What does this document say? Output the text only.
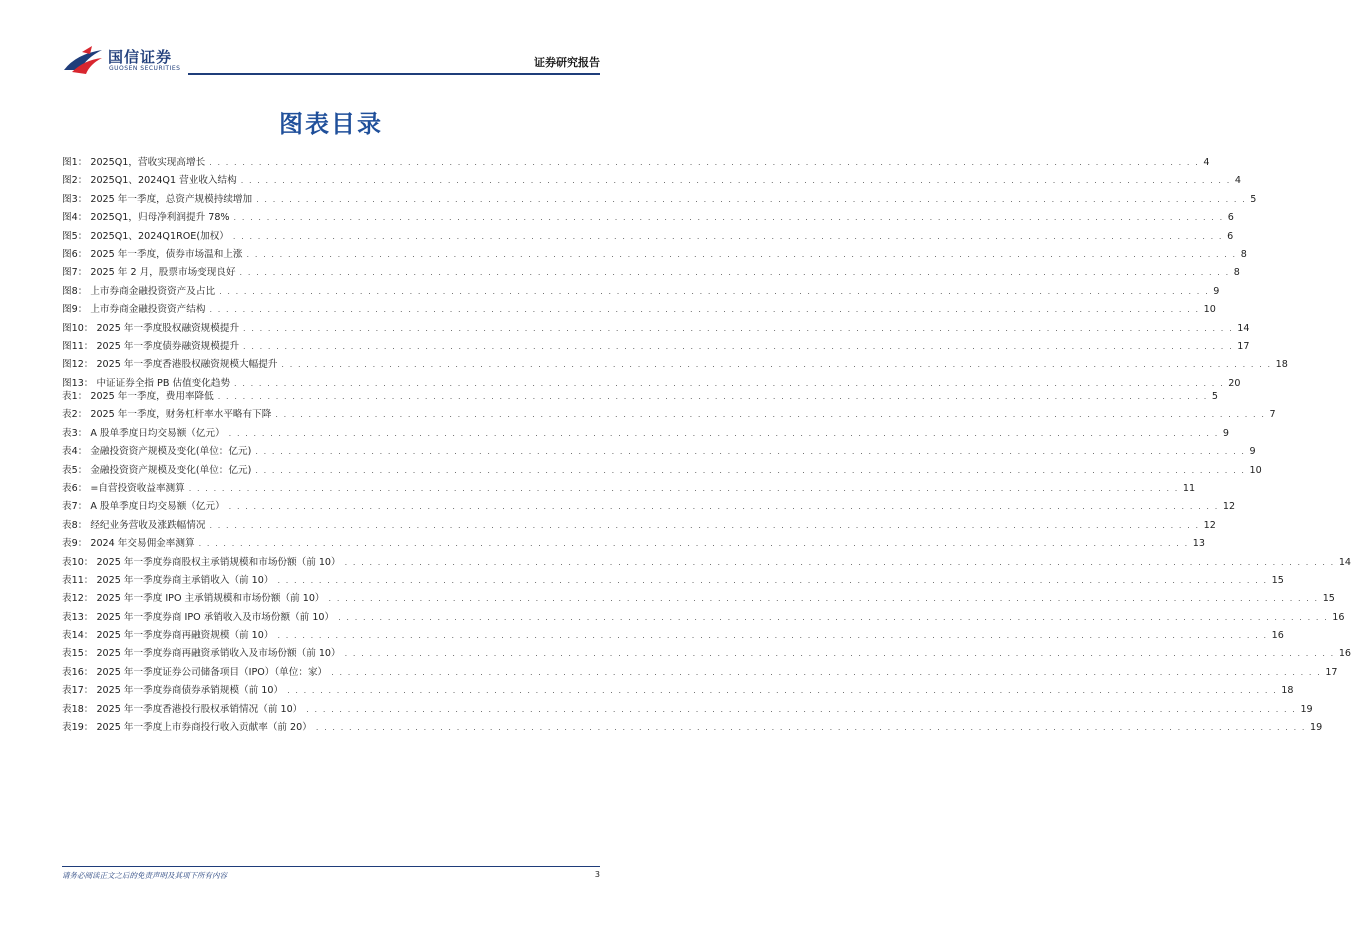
国信证券
GUOSEN SECURITIES	证券研究报告
图表目录
图1： 2025Q1，营收实现高增长 . . . . . . . . . . . . . . . . . . . . . . . . . . . . . . . . . . . . . . . . . . . . . . . . . . . . . . . . . . . . . . . . . . . . . . . . . . . . . . . . . . . . . . . . . . . . . . . . . . . . . . . . . . . . . . . . . . . . . . . . 4
图2： 2025Q1、2024Q1 营业收入结构 . . . . . . . . . . . . . . . . . . . . . . . . . . . . . . . . . . . . . . . . . . . . . . . . . . . . . . . . . . . . . . . . . . . . . . . . . . . . . . . . . . . . . . . . . . . . . . . . . . . . . . . . . . . . . . . . . . . . . . . . 4
图3： 2025 年一季度，总资产规模持续增加 . . . . . . . . . . . . . . . . . . . . . . . . . . . . . . . . . . . . . . . . . . . . . . . . . . . . . . . . . . . . . . . . . . . . . . . . . . . . . . . . . . . . . . . . . . . . . . . . . . . . . . . . . . . . . . . . . . . . . . . . 5
图4： 2025Q1，归母净利润提升 78% . . . . . . . . . . . . . . . . . . . . . . . . . . . . . . . . . . . . . . . . . . . . . . . . . . . . . . . . . . . . . . . . . . . . . . . . . . . . . . . . . . . . . . . . . . . . . . . . . . . . . . . . . . . . . . . . . . . . . . . . 6
图5： 2025Q1、2024Q1ROE(加权） . . . . . . . . . . . . . . . . . . . . . . . . . . . . . . . . . . . . . . . . . . . . . . . . . . . . . . . . . . . . . . . . . . . . . . . . . . . . . . . . . . . . . . . . . . . . . . . . . . . . . . . . . . . . . . . . . . . . . . . . 6
图6： 2025 年一季度，债券市场温和上涨 . . . . . . . . . . . . . . . . . . . . . . . . . . . . . . . . . . . . . . . . . . . . . . . . . . . . . . . . . . . . . . . . . . . . . . . . . . . . . . . . . . . . . . . . . . . . . . . . . . . . . . . . . . . . . . . . . . . . . . . . 8
图7： 2025 年 2 月，股票市场变现良好 . . . . . . . . . . . . . . . . . . . . . . . . . . . . . . . . . . . . . . . . . . . . . . . . . . . . . . . . . . . . . . . . . . . . . . . . . . . . . . . . . . . . . . . . . . . . . . . . . . . . . . . . . . . . . . . . . . . . . . . . 8
图8： 上市券商金融投资资产及占比 . . . . . . . . . . . . . . . . . . . . . . . . . . . . . . . . . . . . . . . . . . . . . . . . . . . . . . . . . . . . . . . . . . . . . . . . . . . . . . . . . . . . . . . . . . . . . . . . . . . . . . . . . . . . . . . . . . . . . . . . 9
图9： 上市券商金融投资资产结构 . . . . . . . . . . . . . . . . . . . . . . . . . . . . . . . . . . . . . . . . . . . . . . . . . . . . . . . . . . . . . . . . . . . . . . . . . . . . . . . . . . . . . . . . . . . . . . . . . . . . . . . . . . . . . . . . . . . . . . . . 10
图10： 2025 年一季度股权融资规模提升 . . . . . . . . . . . . . . . . . . . . . . . . . . . . . . . . . . . . . . . . . . . . . . . . . . . . . . . . . . . . . . . . . . . . . . . . . . . . . . . . . . . . . . . . . . . . . . . . . . . . . . . . . . . . . . . . . . . . . . . . 14
图11： 2025 年一季度债券融资规模提升 . . . . . . . . . . . . . . . . . . . . . . . . . . . . . . . . . . . . . . . . . . . . . . . . . . . . . . . . . . . . . . . . . . . . . . . . . . . . . . . . . . . . . . . . . . . . . . . . . . . . . . . . . . . . . . . . . . . . . . . . 17
图12： 2025 年一季度香港股权融资规模大幅提升 . . . . . . . . . . . . . . . . . . . . . . . . . . . . . . . . . . . . . . . . . . . . . . . . . . . . . . . . . . . . . . . . . . . . . . . . . . . . . . . . . . . . . . . . . . . . . . . . . . . . . . . . . . . . . . . . . . . . . . . . 18
图13： 中证证券全指 PB 估值变化趋势 . . . . . . . . . . . . . . . . . . . . . . . . . . . . . . . . . . . . . . . . . . . . . . . . . . . . . . . . . . . . . . . . . . . . . . . . . . . . . . . . . . . . . . . . . . . . . . . . . . . . . . . . . . . . . . . . . . . . . . . . 20
表1： 2025 年一季度，费用率降低 . . . . . . . . . . . . . . . . . . . . . . . . . . . . . . . . . . . . . . . . . . . . . . . . . . . . . . . . . . . . . . . . . . . . . . . . . . . . . . . . . . . . . . . . . . . . . . . . . . . . . . . . . . . . . . . . . . . . . . . . 5
表2： 2025 年一季度，财务杠杆率水平略有下降 . . . . . . . . . . . . . . . . . . . . . . . . . . . . . . . . . . . . . . . . . . . . . . . . . . . . . . . . . . . . . . . . . . . . . . . . . . . . . . . . . . . . . . . . . . . . . . . . . . . . . . . . . . . . . . . . . . . . . . . . 7
表3： A 股单季度日均交易额（亿元） . . . . . . . . . . . . . . . . . . . . . . . . . . . . . . . . . . . . . . . . . . . . . . . . . . . . . . . . . . . . . . . . . . . . . . . . . . . . . . . . . . . . . . . . . . . . . . . . . . . . . . . . . . . . . . . . . . . . . . . . 9
表4： 金融投资资产规模及变化(单位：亿元) . . . . . . . . . . . . . . . . . . . . . . . . . . . . . . . . . . . . . . . . . . . . . . . . . . . . . . . . . . . . . . . . . . . . . . . . . . . . . . . . . . . . . . . . . . . . . . . . . . . . . . . . . . . . . . . . . . . . . . . . 9
表5： 金融投资资产规模及变化(单位：亿元) . . . . . . . . . . . . . . . . . . . . . . . . . . . . . . . . . . . . . . . . . . . . . . . . . . . . . . . . . . . . . . . . . . . . . . . . . . . . . . . . . . . . . . . . . . . . . . . . . . . . . . . . . . . . . . . . . . . . . . . . 10
表6： =自营投资收益率测算 . . . . . . . . . . . . . . . . . . . . . . . . . . . . . . . . . . . . . . . . . . . . . . . . . . . . . . . . . . . . . . . . . . . . . . . . . . . . . . . . . . . . . . . . . . . . . . . . . . . . . . . . . . . . . . . . . . . . . . . . 11
表7： A 股单季度日均交易额（亿元） . . . . . . . . . . . . . . . . . . . . . . . . . . . . . . . . . . . . . . . . . . . . . . . . . . . . . . . . . . . . . . . . . . . . . . . . . . . . . . . . . . . . . . . . . . . . . . . . . . . . . . . . . . . . . . . . . . . . . . . . 12
表8： 经纪业务营收及涨跌幅情况 . . . . . . . . . . . . . . . . . . . . . . . . . . . . . . . . . . . . . . . . . . . . . . . . . . . . . . . . . . . . . . . . . . . . . . . . . . . . . . . . . . . . . . . . . . . . . . . . . . . . . . . . . . . . . . . . . . . . . . . . 12
表9： 2024 年交易佣金率测算 . . . . . . . . . . . . . . . . . . . . . . . . . . . . . . . . . . . . . . . . . . . . . . . . . . . . . . . . . . . . . . . . . . . . . . . . . . . . . . . . . . . . . . . . . . . . . . . . . . . . . . . . . . . . . . . . . . . . . . . . 13
表10： 2025 年一季度券商股权主承销规模和市场份额（前 10） . . . . . . . . . . . . . . . . . . . . . . . . . . . . . . . . . . . . . . . . . . . . . . . . . . . . . . . . . . . . . . . . . . . . . . . . . . . . . . . . . . . . . . . . . . . . . . . . . . . . . . . . . . . . . . . . . . . . . . . . 14
表11： 2025 年一季度券商主承销收入（前 10） . . . . . . . . . . . . . . . . . . . . . . . . . . . . . . . . . . . . . . . . . . . . . . . . . . . . . . . . . . . . . . . . . . . . . . . . . . . . . . . . . . . . . . . . . . . . . . . . . . . . . . . . . . . . . . . . . . . . . . . . 15
表12： 2025 年一季度 IPO 主承销规模和市场份额（前 10） . . . . . . . . . . . . . . . . . . . . . . . . . . . . . . . . . . . . . . . . . . . . . . . . . . . . . . . . . . . . . . . . . . . . . . . . . . . . . . . . . . . . . . . . . . . . . . . . . . . . . . . . . . . . . . . . . . . . . . . . 15
表13： 2025 年一季度券商 IPO 承销收入及市场份额（前 10） . . . . . . . . . . . . . . . . . . . . . . . . . . . . . . . . . . . . . . . . . . . . . . . . . . . . . . . . . . . . . . . . . . . . . . . . . . . . . . . . . . . . . . . . . . . . . . . . . . . . . . . . . . . . . . . . . . . . . . . . 16
表14： 2025 年一季度券商再融资规模（前 10） . . . . . . . . . . . . . . . . . . . . . . . . . . . . . . . . . . . . . . . . . . . . . . . . . . . . . . . . . . . . . . . . . . . . . . . . . . . . . . . . . . . . . . . . . . . . . . . . . . . . . . . . . . . . . . . . . . . . . . . . 16
表15： 2025 年一季度券商再融资承销收入及市场份额（前 10） . . . . . . . . . . . . . . . . . . . . . . . . . . . . . . . . . . . . . . . . . . . . . . . . . . . . . . . . . . . . . . . . . . . . . . . . . . . . . . . . . . . . . . . . . . . . . . . . . . . . . . . . . . . . . . . . . . . . . . . . 16
表16： 2025 年一季度证券公司储备项目（IPO）（单位：家） . . . . . . . . . . . . . . . . . . . . . . . . . . . . . . . . . . . . . . . . . . . . . . . . . . . . . . . . . . . . . . . . . . . . . . . . . . . . . . . . . . . . . . . . . . . . . . . . . . . . . . . . . . . . . . . . . . . . . . . . 17
表17： 2025 年一季度券商债券承销规模（前 10） . . . . . . . . . . . . . . . . . . . . . . . . . . . . . . . . . . . . . . . . . . . . . . . . . . . . . . . . . . . . . . . . . . . . . . . . . . . . . . . . . . . . . . . . . . . . . . . . . . . . . . . . . . . . . . . . . . . . . . . . 18
表18： 2025 年一季度香港投行股权承销情况（前 10） . . . . . . . . . . . . . . . . . . . . . . . . . . . . . . . . . . . . . . . . . . . . . . . . . . . . . . . . . . . . . . . . . . . . . . . . . . . . . . . . . . . . . . . . . . . . . . . . . . . . . . . . . . . . . . . . . . . . . . . . 19
表19： 2025 年一季度上市券商投行收入贡献率（前 20） . . . . . . . . . . . . . . . . . . . . . . . . . . . . . . . . . . . . . . . . . . . . . . . . . . . . . . . . . . . . . . . . . . . . . . . . . . . . . . . . . . . . . . . . . . . . . . . . . . . . . . . . . . . . . . . . . . . . . . . . 19
请务必阅读正文之后的免责声明及其项下所有内容	3
